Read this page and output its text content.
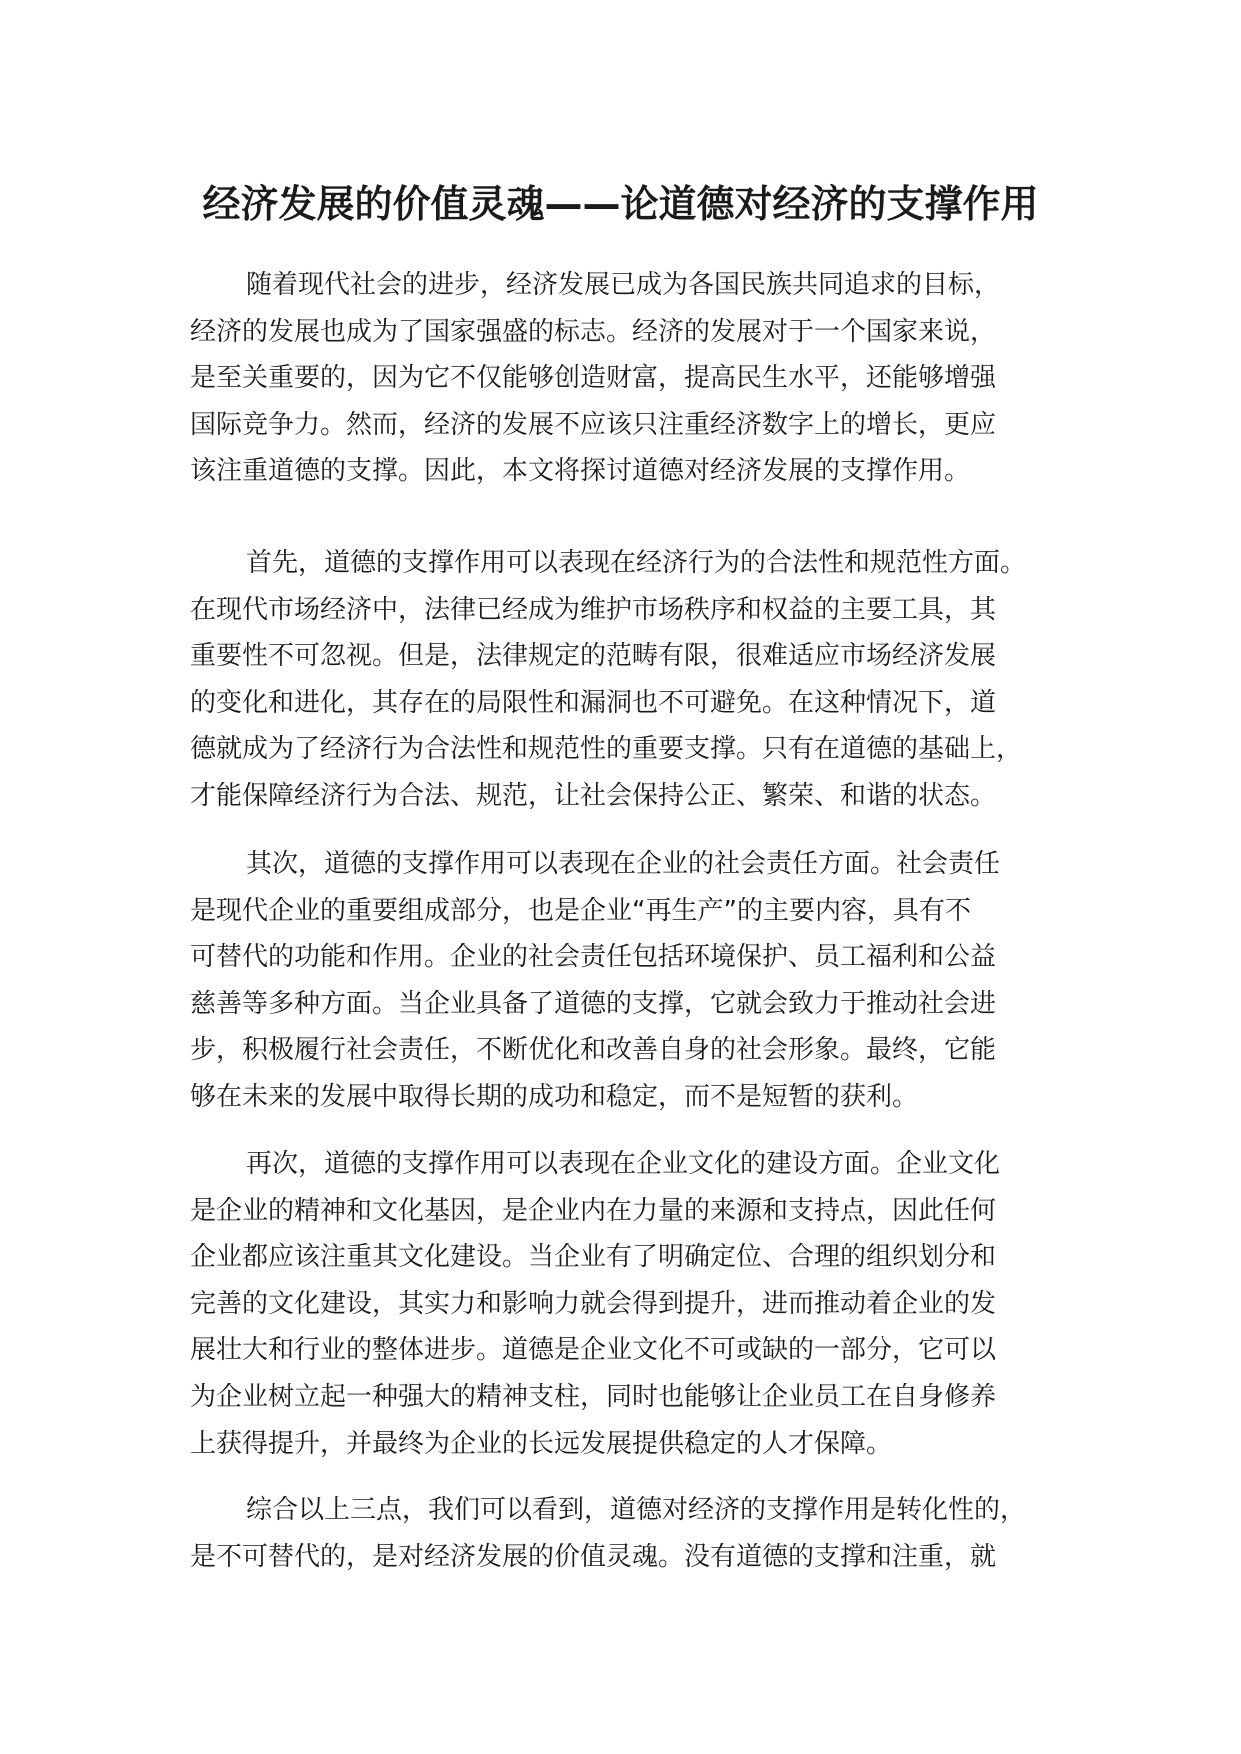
经济发展的价值灵魂——论道德对经济的支撑作用
随着现代社会的进步，经济发展已成为各国民族共同追求的目标，
经济的发展也成为了国家强盛的标志。经济的发展对于一个国家来说，
是至关重要的，因为它不仅能够创造财富，提高民生水平，还能够增强
国际竞争力。然而，经济的发展不应该只注重经济数字上的增长，更应
该注重道德的支撑。因此，本文将探讨道德对经济发展的支撑作用。
首先，道德的支撑作用可以表现在经济行为的合法性和规范性方面。
在现代市场经济中，法律已经成为维护市场秩序和权益的主要工具，其
重要性不可忽视。但是，法律规定的范畴有限，很难适应市场经济发展
的变化和进化，其存在的局限性和漏洞也不可避免。在这种情况下，道
德就成为了经济行为合法性和规范性的重要支撑。只有在道德的基础上，
才能保障经济行为合法、规范，让社会保持公正、繁荣、和谐的状态。
其次，道德的支撑作用可以表现在企业的社会责任方面。社会责任
是现代企业的重要组成部分，也是企业“再生产”的主要内容，具有不
可替代的功能和作用。企业的社会责任包括环境保护、员工福利和公益
慈善等多种方面。当企业具备了道德的支撑，它就会致力于推动社会进
步，积极履行社会责任，不断优化和改善自身的社会形象。最终，它能
够在未来的发展中取得长期的成功和稳定，而不是短暂的获利。
再次，道德的支撑作用可以表现在企业文化的建设方面。企业文化
是企业的精神和文化基因，是企业内在力量的来源和支持点，因此任何
企业都应该注重其文化建设。当企业有了明确定位、合理的组织划分和
完善的文化建设，其实力和影响力就会得到提升，进而推动着企业的发
展壮大和行业的整体进步。道德是企业文化不可或缺的一部分，它可以
为企业树立起一种强大的精神支柱，同时也能够让企业员工在自身修养
上获得提升，并最终为企业的长远发展提供稳定的人才保障。
综合以上三点，我们可以看到，道德对经济的支撑作用是转化性的，
是不可替代的，是对经济发展的价值灵魂。没有道德的支撑和注重，就
